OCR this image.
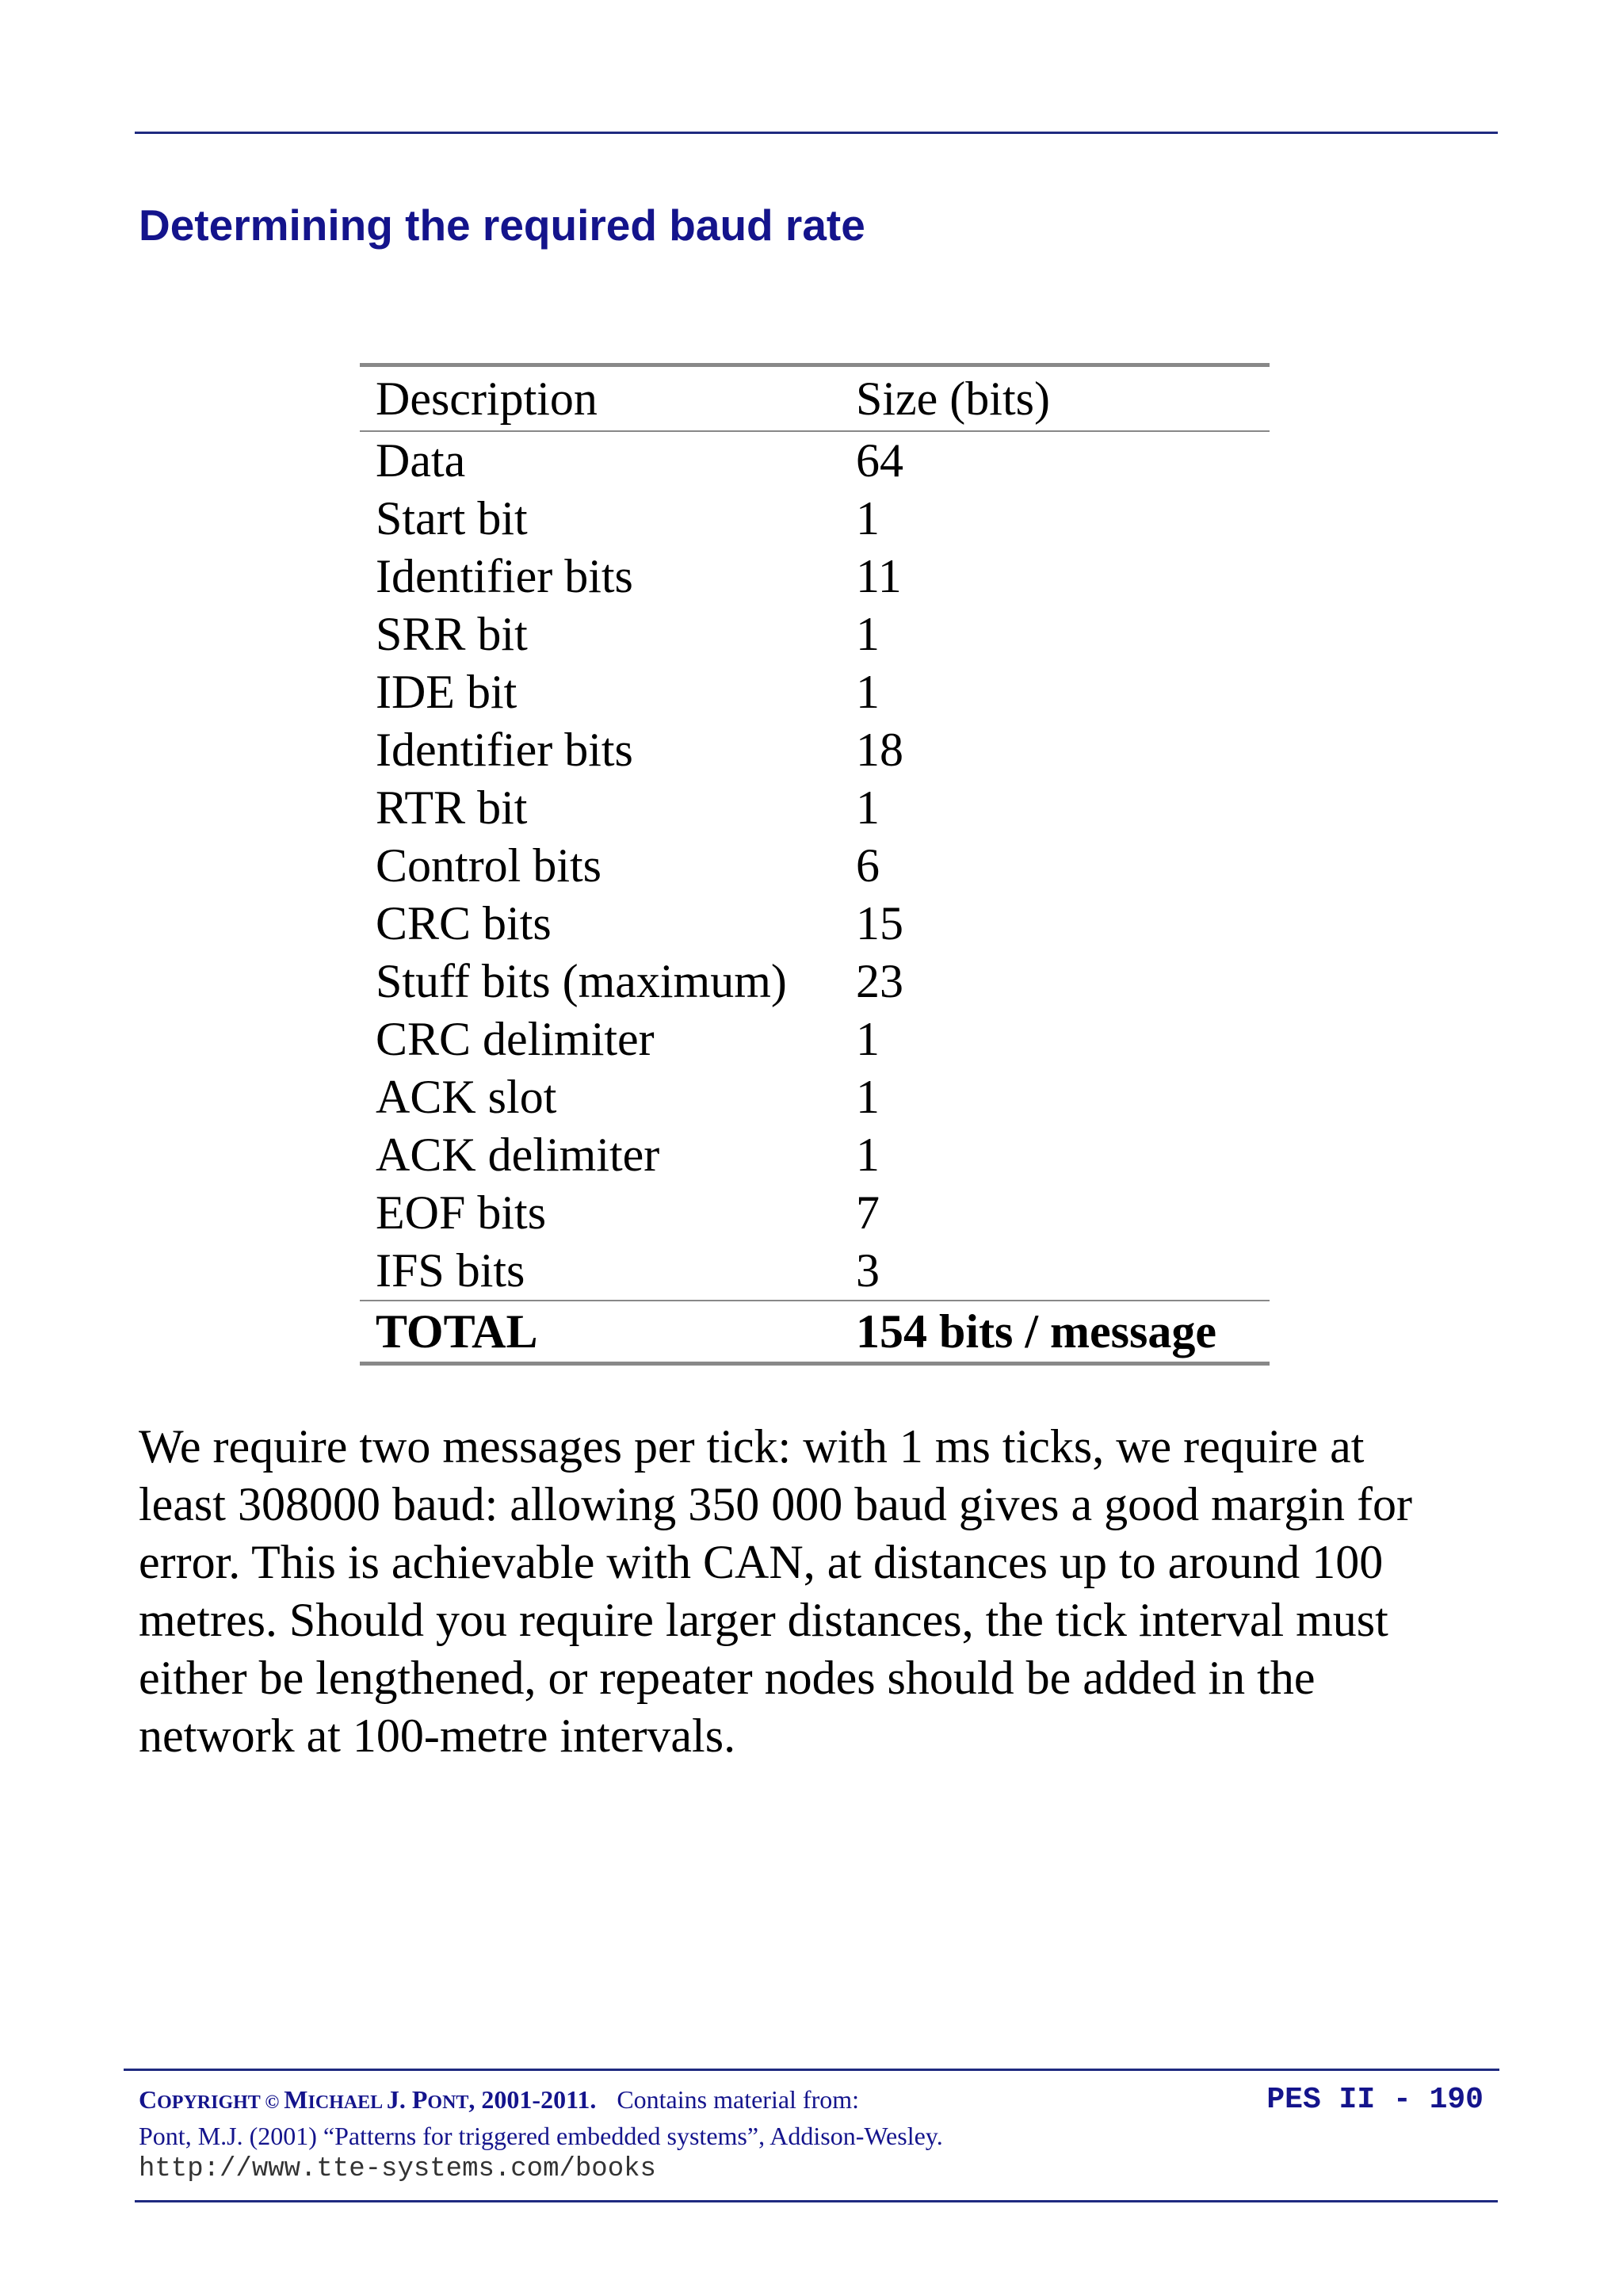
Determining the required baud rate
Description	Size (bits)
Data	64
Start bit	1
Identifier bits	11
SRR bit	1
IDE bit	1
Identifier bits	18
RTR bit	1
Control bits	6
CRC bits	15
Stuff bits (maximum)	23
CRC delimiter	1
ACK slot	1
ACK delimiter	1
EOF bits	7
IFS bits	3
TOTAL	154 bits / message

We require two messages per tick: with 1 ms ticks, we require at
least 308000 baud: allowing 350 000 baud gives a good margin for
error. This is achievable with CAN, at distances up to around 100
metres. Should you require larger distances, the tick interval must
either be lengthened, or repeater nodes should be added in the
network at 100-metre intervals.

COPYRIGHT © MICHAEL J. PONT, 2001-2011. Contains material from:
Pont, M.J. (2001) “Patterns for triggered embedded systems”, Addison-Wesley.
http://www.tte-systems.com/books
PES II - 190
